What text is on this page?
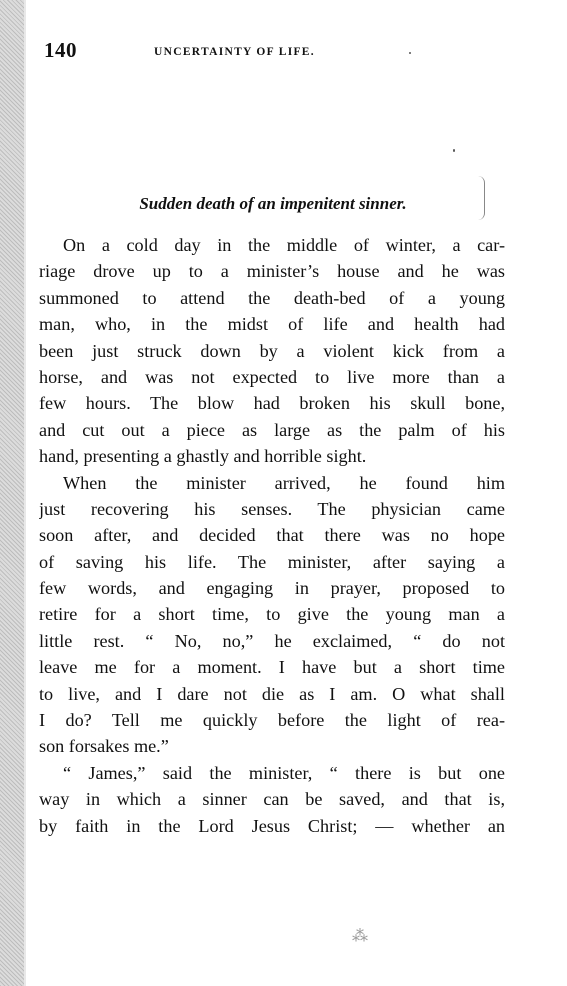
140	UNCERTAINTY OF LIFE.
Sudden death of an impenitent sinner.
On a cold day in the middle of winter, a car-
riage drove up to a minister’s house and he was
summoned to attend the death-bed of a young
man, who, in the midst of life and health had
been just struck down by a violent kick from a
horse, and was not expected to live more than a
few hours. The blow had broken his skull bone,
and cut out a piece as large as the palm of his
hand, presenting a ghastly and horrible sight.
When the minister arrived, he found him
just recovering his senses. The physician came
soon after, and decided that there was no hope
of saving his life. The minister, after saying a
few words, and engaging in prayer, proposed to
retire for a short time, to give the young man a
little rest. “ No, no,” he exclaimed, “ do not
leave me for a moment. I have but a short time
to live, and I dare not die as I am. O what shall
I do? Tell me quickly before the light of rea-
son forsakes me.”
“ James,” said the minister, “ there is but one
way in which a sinner can be saved, and that is,
by faith in the Lord Jesus Christ; — whether an
⁂
